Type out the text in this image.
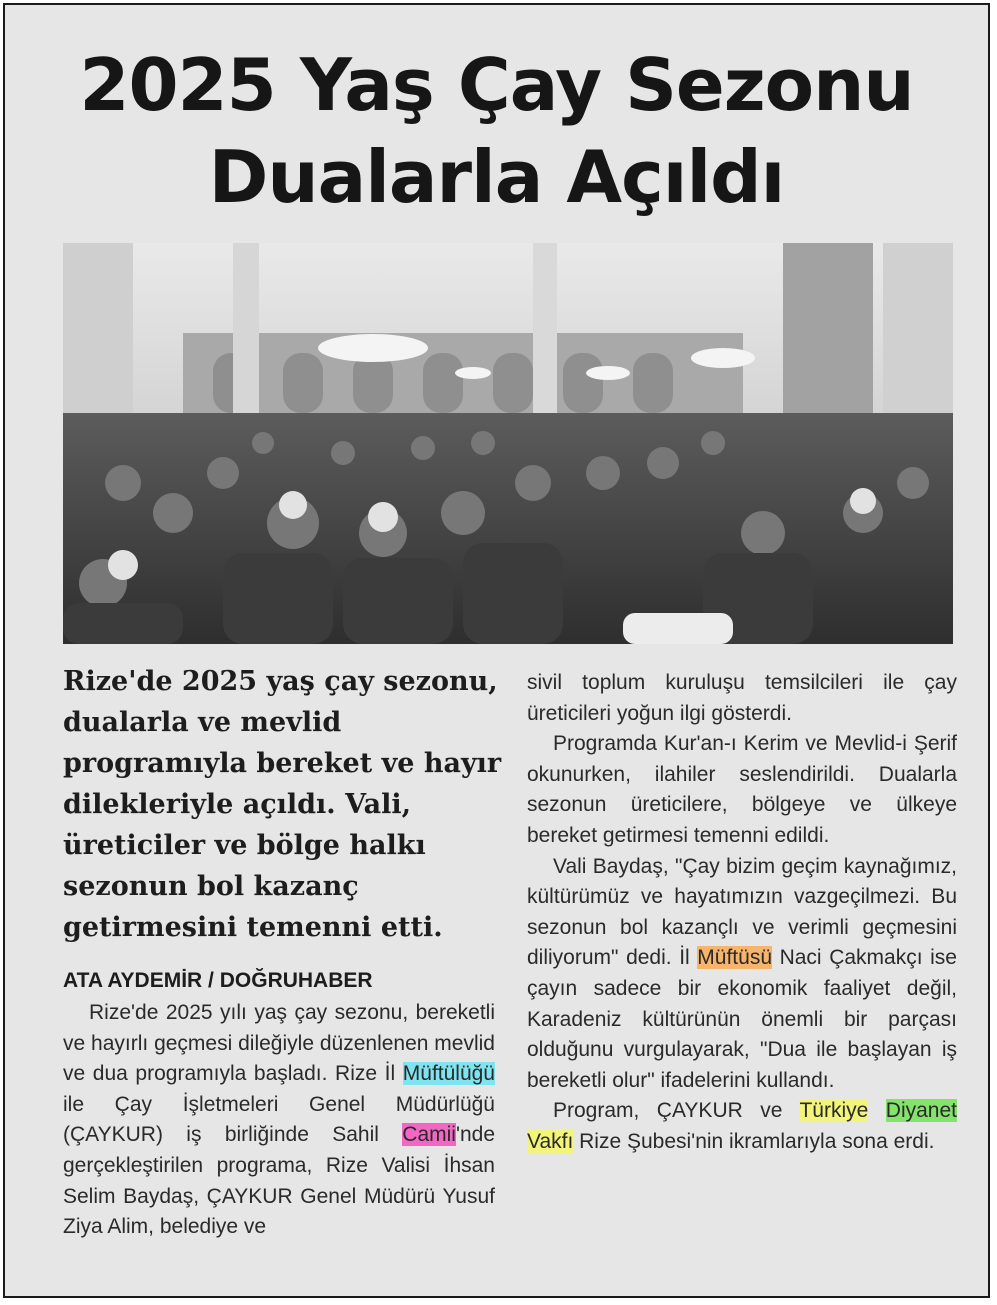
2025 Yaş Çay Sezonu
Dualarla Açıldı
Rize'de 2025 yaş çay sezonu, dualarla ve mevlid programıyla bereket ve hayır dilekleriyle açıldı. Vali, üreticiler ve bölge halkı sezonun bol kazanç getirmesini temenni etti.
ATA AYDEMİR / DOĞRUHABER

Rize'de 2025 yılı yaş çay sezonu, bereketli ve hayırlı geçmesi dileğiyle düzenlenen mevlid ve dua programıyla başladı. Rize İl Müftülüğü ile Çay İşletmeleri Genel Müdürlüğü (ÇAYKUR) iş birliğinde Sahil Camii'nde gerçekleştirilen programa, Rize Valisi İhsan Selim Baydaş, ÇAYKUR Genel Müdürü Yusuf Ziya Alim, belediye ve

sivil toplum kuruluşu temsilcileri ile çay üreticileri yoğun ilgi gösterdi.

Programda Kur'an-ı Kerim ve Mevlid-i Şerif okunurken, ilahiler seslendirildi. Dualarla sezonun üreticilere, bölgeye ve ülkeye bereket getirmesi temenni edildi.

Vali Baydaş, "Çay bizim geçim kaynağımız, kültürümüz ve hayatımızın vazgeçilmezi. Bu sezonun bol kazançlı ve verimli geçmesini diliyorum" dedi. İl Müftüsü Naci Çakmakçı ise çayın sadece bir ekonomik faaliyet değil, Karadeniz kültürünün önemli bir parçası olduğunu vurgulayarak, "Dua ile başlayan iş bereketli olur" ifadelerini kullandı.

Program, ÇAYKUR ve Türkiye Diyanet Vakfı Rize Şubesi'nin ikramlarıyla sona erdi.
